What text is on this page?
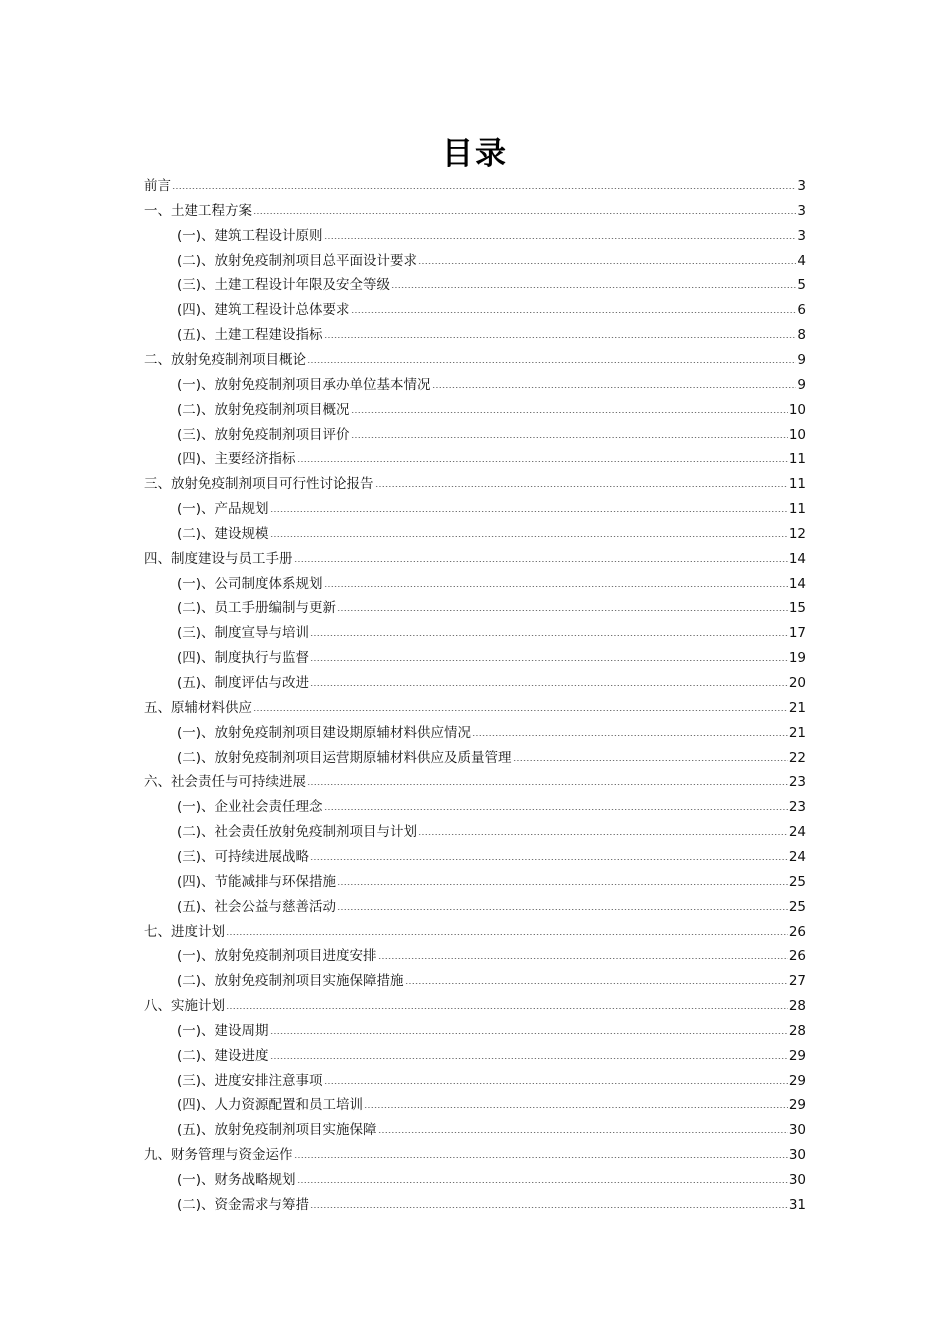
目录
前言	3
一、土建工程方案	3
(一)、建筑工程设计原则	3
(二)、放射免疫制剂项目总平面设计要求	4
(三)、土建工程设计年限及安全等级	5
(四)、建筑工程设计总体要求	6
(五)、土建工程建设指标	8
二、放射免疫制剂项目概论	9
(一)、放射免疫制剂项目承办单位基本情况	9
(二)、放射免疫制剂项目概况	10
(三)、放射免疫制剂项目评价	10
(四)、主要经济指标	11
三、放射免疫制剂项目可行性讨论报告	11
(一)、产品规划	11
(二)、建设规模	12
四、制度建设与员工手册	14
(一)、公司制度体系规划	14
(二)、员工手册编制与更新	15
(三)、制度宣导与培训	17
(四)、制度执行与监督	19
(五)、制度评估与改进	20
五、原辅材料供应	21
(一)、放射免疫制剂项目建设期原辅材料供应情况	21
(二)、放射免疫制剂项目运营期原辅材料供应及质量管理	22
六、社会责任与可持续进展	23
(一)、企业社会责任理念	23
(二)、社会责任放射免疫制剂项目与计划	24
(三)、可持续进展战略	24
(四)、节能减排与环保措施	25
(五)、社会公益与慈善活动	25
七、进度计划	26
(一)、放射免疫制剂项目进度安排	26
(二)、放射免疫制剂项目实施保障措施	27
八、实施计划	28
(一)、建设周期	28
(二)、建设进度	29
(三)、进度安排注意事项	29
(四)、人力资源配置和员工培训	29
(五)、放射免疫制剂项目实施保障	30
九、财务管理与资金运作	30
(一)、财务战略规划	30
(二)、资金需求与筹措	31
